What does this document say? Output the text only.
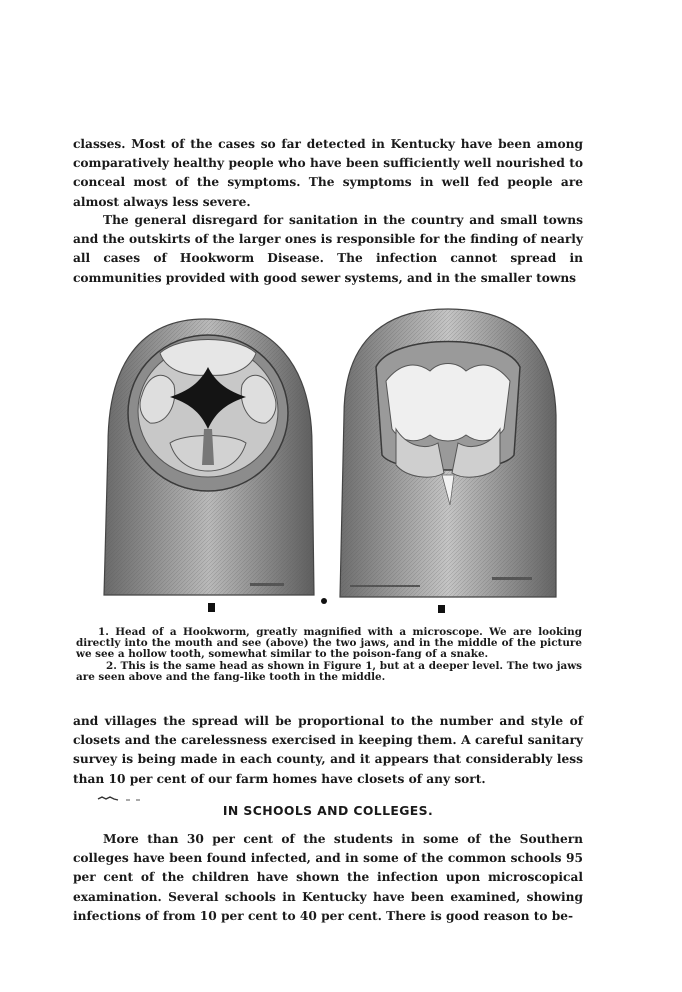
classes. Most of the cases so far detected in Kentucky have been among comparatively healthy people who have been sufficiently well nourished to conceal most of the symptoms. The symptoms in well fed people are almost always less severe.

The general disregard for sanitation in the country and small towns and the outskirts of the larger ones is responsible for the finding of nearly all cases of Hookworm Disease. The infection cannot spread in communities provided with good sewer systems, and in the smaller towns

1. Head of a Hookworm, greatly magnified with a microscope. We are looking directly into the mouth and see (above) the two jaws, and in the middle of the picture we see a hollow tooth, somewhat similar to the poison-fang of a snake.

2. This is the same head as shown in Figure 1, but at a deeper level. The two jaws are seen above and the fang-like tooth in the middle.

and villages the spread will be proportional to the number and style of closets and the carelessness exercised in keeping them. A careful sanitary survey is being made in each county, and it appears that considerably less than 10 per cent of our farm homes have closets of any sort.

IN SCHOOLS AND COLLEGES.

More than 30 per cent of the students in some of the Southern colleges have been found infected, and in some of the common schools 95 per cent of the children have shown the infection upon microscopical examination. Several schools in Kentucky have been examined, showing infections of from 10 per cent to 40 per cent. There is good reason to be-
